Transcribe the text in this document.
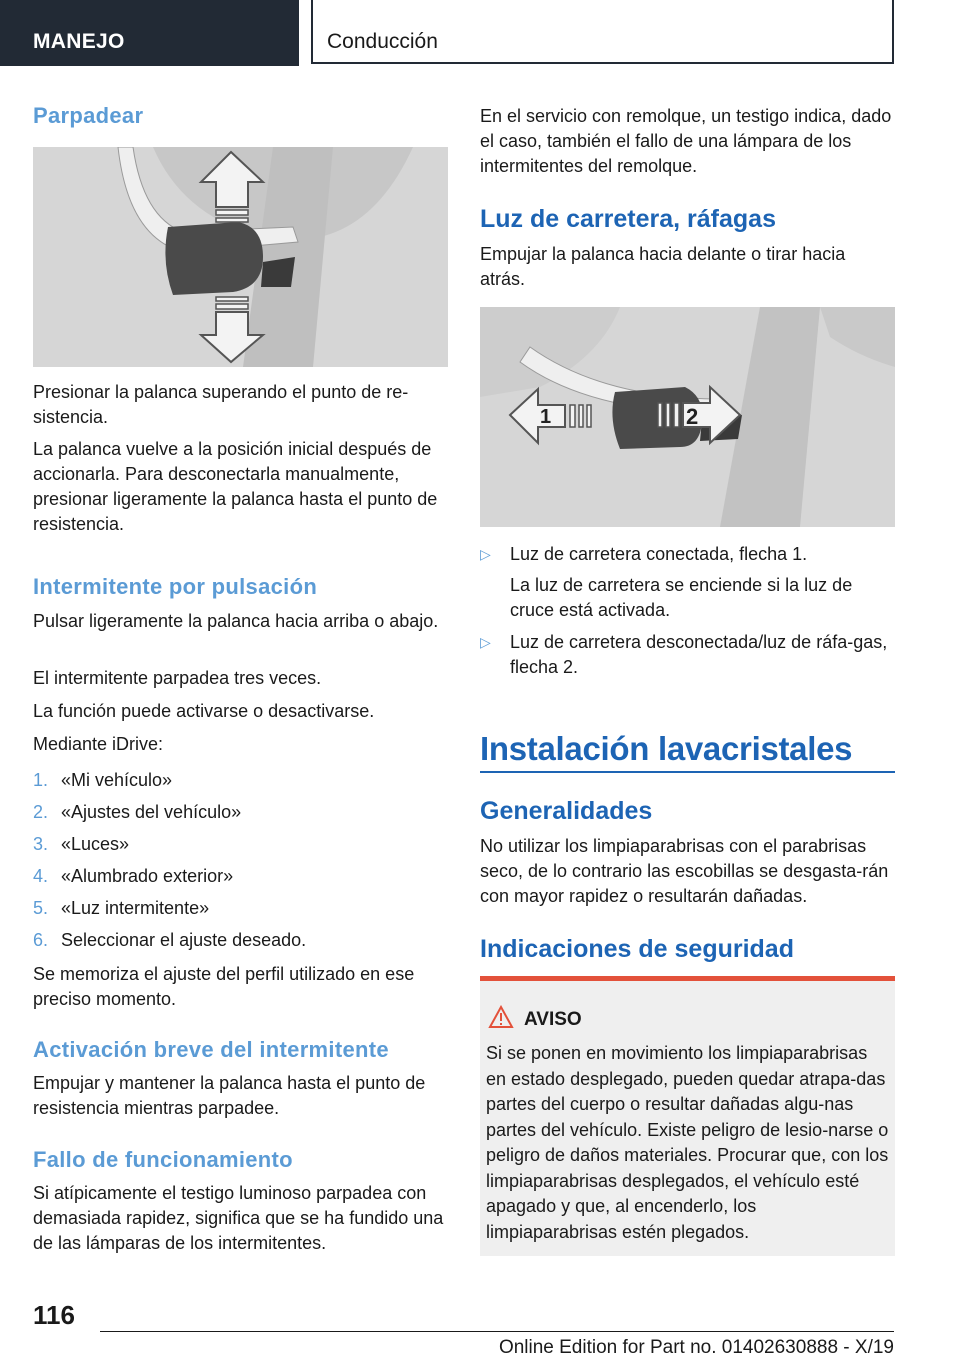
MANEJO	Conducción
Parpadear

Presionar la palanca superando el punto de re-sistencia.

La palanca vuelve a la posición inicial después de accionarla. Para desconectarla manualmente, presionar ligeramente la palanca hasta el punto de resistencia.

Intermitente por pulsación

Pulsar ligeramente la palanca hacia arriba o abajo.

El intermitente parpadea tres veces.

La función puede activarse o desactivarse.

Mediante iDrive:

1. «Mi vehículo»
2. «Ajustes del vehículo»
3. «Luces»
4. «Alumbrado exterior»
5. «Luz intermitente»
6. Seleccionar el ajuste deseado.

Se memoriza el ajuste del perfil utilizado en ese preciso momento.

Activación breve del intermitente

Empujar y mantener la palanca hasta el punto de resistencia mientras parpadee.

Fallo de funcionamiento

Si atípicamente el testigo luminoso parpadea con demasiada rapidez, significa que se ha fundido una de las lámparas de los intermitentes.

En el servicio con remolque, un testigo indica, dado el caso, también el fallo de una lámpara de los intermitentes del remolque.

Luz de carretera, ráfagas

Empujar la palanca hacia delante o tirar hacia atrás.

1	2
▷ Luz de carretera conectada, flecha 1.
La luz de carretera se enciende si la luz de cruce está activada.
▷ Luz de carretera desconectada/luz de ráfa-gas, flecha 2.
Instalación lavacristales
Generalidades

No utilizar los limpiaparabrisas con el parabrisas seco, de lo contrario las escobillas se desgasta-rán con mayor rapidez o resultarán dañadas.

Indicaciones de seguridad
AVISO

Si se ponen en movimiento los limpiaparabrisas en estado desplegado, pueden quedar atrapa-das partes del cuerpo o resultar dañadas algu-nas partes del vehículo. Existe peligro de lesio-narse o peligro de daños materiales. Procurar que, con los limpiaparabrisas desplegados, el vehículo esté apagado y que, al encenderlo, los limpiaparabrisas estén plegados.

116
Online Edition for Part no. 01402630888 - X/19
